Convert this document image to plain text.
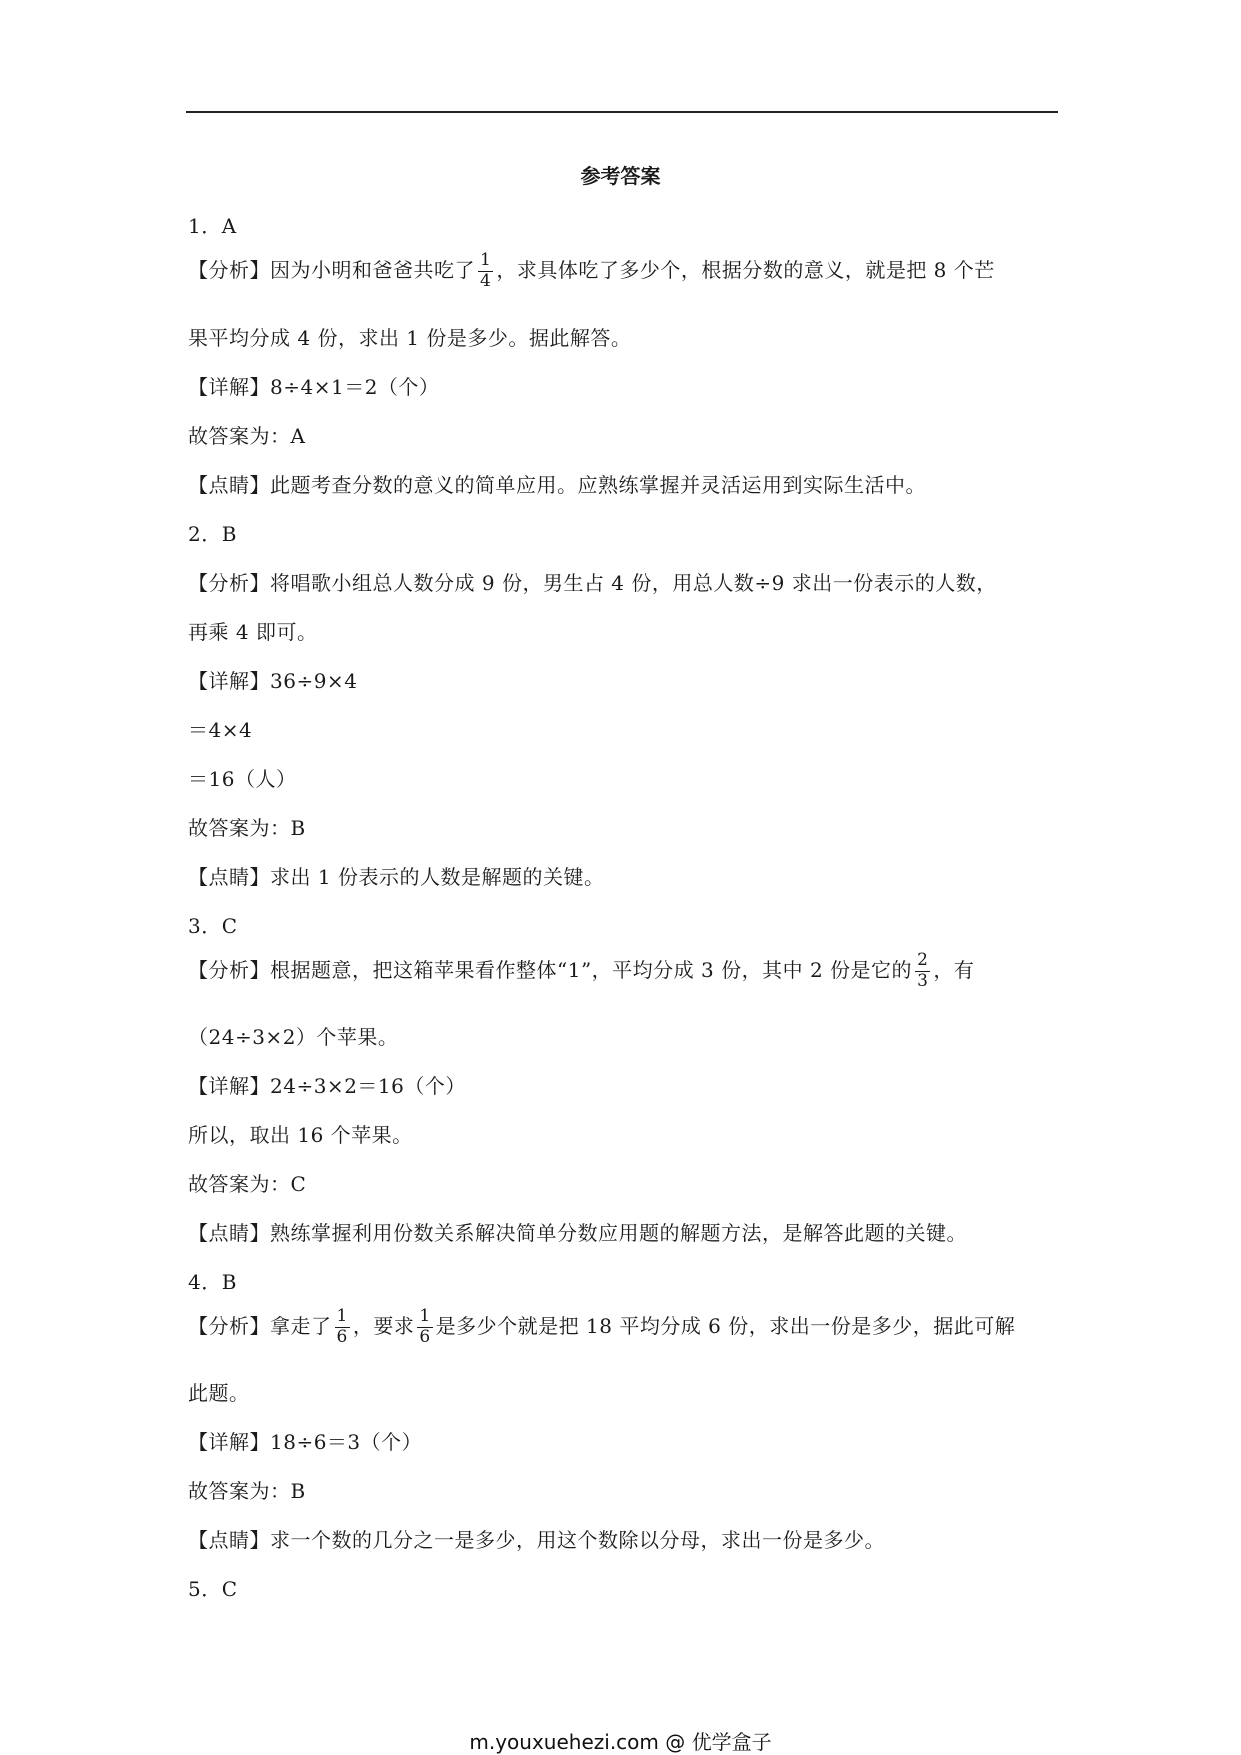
参考答案
1．A
【分析】因为小明和爸爸共吃了 $\frac{1}{4}$ ，求具体吃了多少个，根据分数的意义，就是把 8 个芒
果平均分成 4 份，求出 1 份是多少。据此解答。
【详解】8÷4×1＝2（个）
故答案为：A
【点睛】此题考查分数的意义的简单应用。应熟练掌握并灵活运用到实际生活中。
2．B
【分析】将唱歌小组总人数分成 9 份，男生占 4 份，用总人数÷9 求出一份表示的人数，
再乘 4 即可。
【详解】36÷9×4
＝4×4
＝16（人）
故答案为：B
【点睛】求出 1 份表示的人数是解题的关键。
3．C
【分析】根据题意，把这箱苹果看作整体“1”，平均分成 3 份，其中 2 份是它的 $\frac{2}{3}$ ，有
（24÷3×2）个苹果。
【详解】24÷3×2＝16（个）
所以，取出 16 个苹果。
故答案为：C
【点睛】熟练掌握利用份数关系解决简单分数应用题的解题方法，是解答此题的关键。
4．B
【分析】拿走了 $\frac{1}{6}$ ，要求 $\frac{1}{6}$ 是多少个就是把 18 平均分成 6 份，求出一份是多少，据此可解
此题。
【详解】18÷6＝3（个）
故答案为：B
【点睛】求一个数的几分之一是多少，用这个数除以分母，求出一份是多少。
5．C
m.youxuehezi.com @ 优学盒子
